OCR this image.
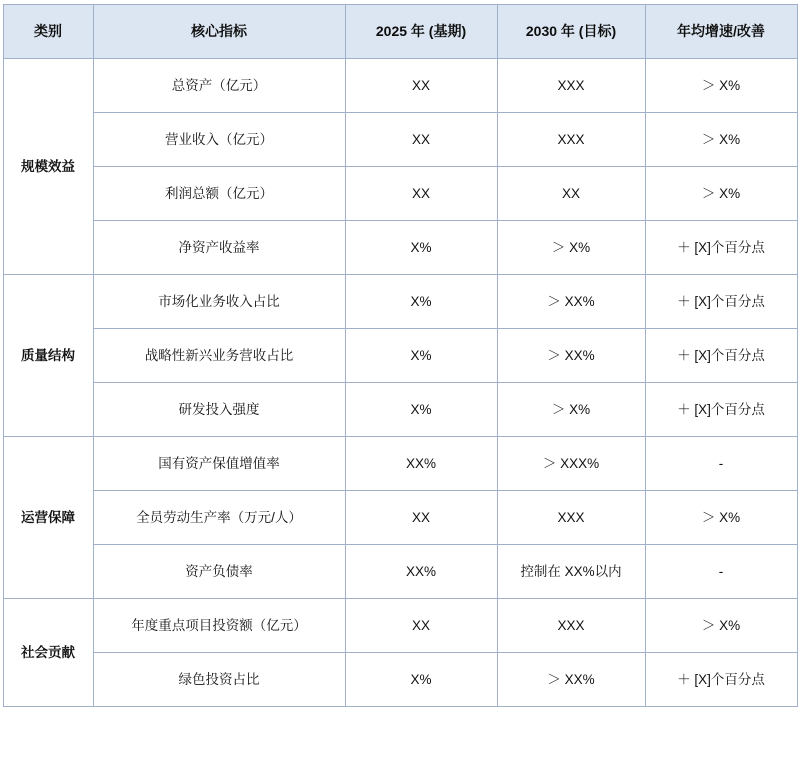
类别	核心指标	2025 年 (基期)	2030 年 (目标)	年均增速/改善
规模效益	总资产（亿元）	XX	XXX	＞ X%
	营业收入（亿元）	XX	XXX	＞ X%
	利润总额（亿元）	XX	XX	＞ X%
	净资产收益率	X%	＞ X%	＋ [X]个百分点
质量结构	市场化业务收入占比	X%	＞ XX%	＋ [X]个百分点
	战略性新兴业务营收占比	X%	＞ XX%	＋ [X]个百分点
	研发投入强度	X%	＞ X%	＋ [X]个百分点
运营保障	国有资产保值增值率	XX%	＞ XXX%	-
	全员劳动生产率（万元/人）	XX	XXX	＞ X%
	资产负债率	XX%	控制在 XX%以内	-
社会贡献	年度重点项目投资额（亿元）	XX	XXX	＞ X%
	绿色投资占比	X%	＞ XX%	＋ [X]个百分点
